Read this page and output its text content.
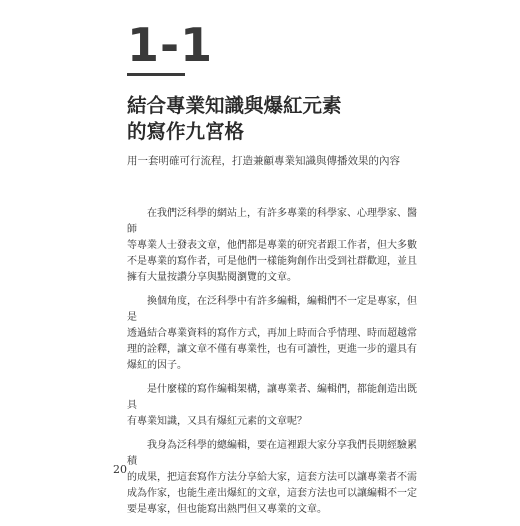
1-1
結合專業知識與爆紅元素
的寫作九宮格

用一套明確可行流程，打造兼顧專業知識與傳播效果的內容

在我們泛科學的網站上，有許多專業的科學家、心理學家、醫師
等專業人士發表文章，他們都是專業的研究者跟工作者，但大多數
不是專業的寫作者，可是他們一樣能夠創作出受到社群歡迎，並且
擁有大量按讚分享與點閱瀏覽的文章。

換個角度，在泛科學中有許多編輯，編輯們不一定是專家，但是
透過結合專業資料的寫作方式，再加上時而合乎情理、時而超越常
理的詮釋，讓文章不僅有專業性，也有可讀性，更進一步的還具有
爆紅的因子。

是什麼樣的寫作編輯架構，讓專業者、編輯們，都能創造出既具
有專業知識，又具有爆紅元素的文章呢？

我身為泛科學的總編輯，要在這裡跟大家分享我們長期經驗累積
的成果，把這套寫作方法分享給大家，這套方法可以讓專業者不需
成為作家，也能生產出爆紅的文章，這套方法也可以讓編輯不一定
要是專家，但也能寫出熱門但又專業的文章。

20
